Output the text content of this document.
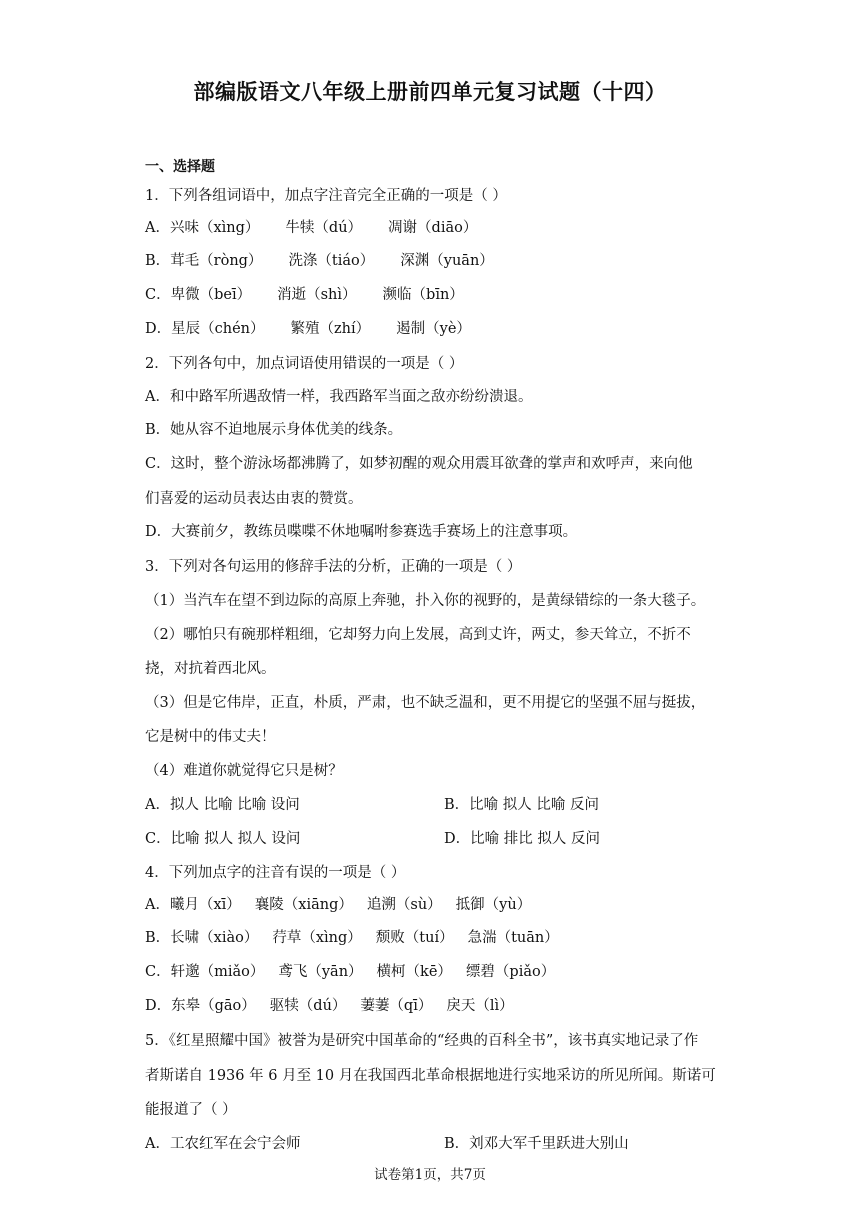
部编版语文八年级上册前四单元复习试题（十四）
一、选择题
1．下列各组词语中，加点字注音完全正确的一项是（ ）
A．兴味（xìng） 牛犊（dú） 凋谢（diāo）
B．茸毛（ròng） 洗涤（tiáo） 深渊（yuān）
C．卑微（beī） 消逝（shì） 濒临（bīn）
D．星辰（chén） 繁殖（zhí） 遏制（yè）
2．下列各句中，加点词语使用错误的一项是（ ）
A．和中路军所遇敌情一样，我西路军当面之敌亦纷纷溃退。
B．她从容不迫地展示身体优美的线条。
C．这时，整个游泳场都沸腾了，如梦初醒的观众用震耳欲聋的掌声和欢呼声，来向他
们喜爱的运动员表达由衷的赞赏。
D．大赛前夕，教练员喋喋不休地嘱咐参赛选手赛场上的注意事项。
3．下列对各句运用的修辞手法的分析，正确的一项是（ ）
（1）当汽车在望不到边际的高原上奔驰，扑入你的视野的，是黄绿错综的一条大毯子。
（2）哪怕只有碗那样粗细，它却努力向上发展，高到丈许，两丈，参天耸立，不折不
挠，对抗着西北风。
（3）但是它伟岸，正直，朴质，严肃，也不缺乏温和，更不用提它的坚强不屈与挺拔，
它是树中的伟丈夫！
（4）难道你就觉得它只是树？
A．拟人 比喻 比喻 设问	B．比喻 拟人 比喻 反问
C．比喻 拟人 拟人 设问	D．比喻 排比 拟人 反问
4．下列加点字的注音有误的一项是（ ）
A．曦月（xī） 襄陵（xiāng） 追溯（sù） 抵御（yù）
B．长啸（xiào） 荇草（xìng） 颓败（tuí） 急湍（tuān）
C．轩邈（miǎo） 鸢飞（yān） 横柯（kē） 缥碧（piǎo）
D．东皋（gāo） 驱犊（dú） 萋萋（qī） 戾天（lì）
5．《红星照耀中国》被誉为是研究中国革命的“经典的百科全书”，该书真实地记录了作
者斯诺自 1936 年 6 月至 10 月在我国西北革命根据地进行实地采访的所见所闻。斯诺可
能报道了（ ）
A．工农红军在会宁会师	B．刘邓大军千里跃进大别山
试卷第1页，共7页
